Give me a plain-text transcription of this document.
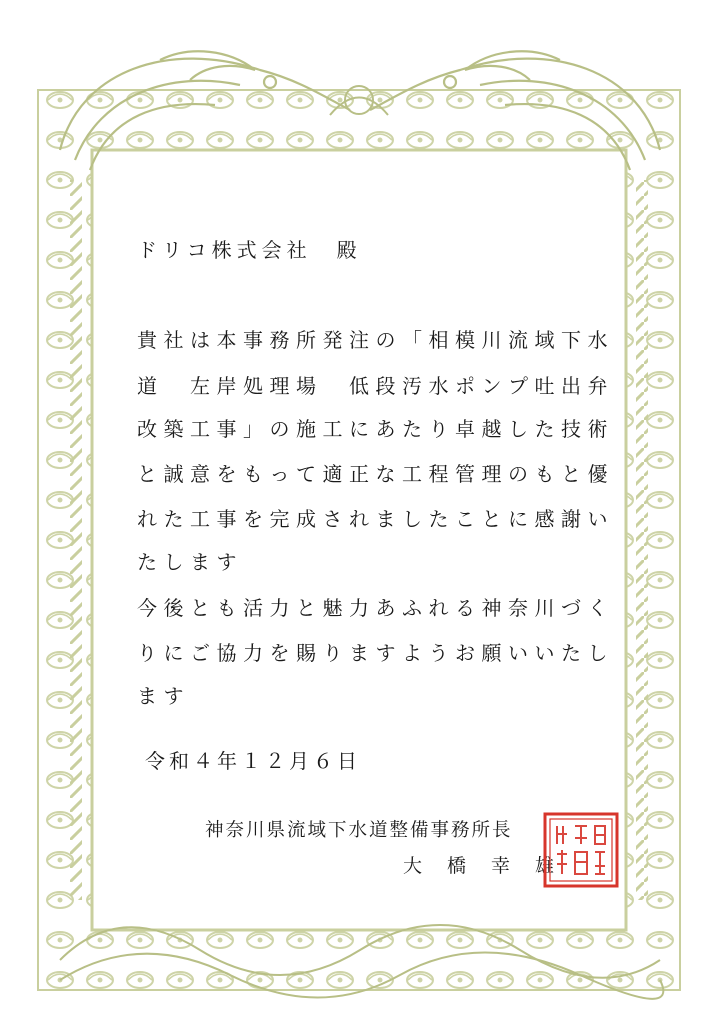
ドリコ株式会社　殿
貴社は本事務所発注の「相模川流域下水
道　左岸処理場　低段汚水ポンプ吐出弁
改築工事」の施工にあたり卓越した技術
と誠意をもって適正な工程管理のもと優
れた工事を完成されましたことに感謝い
たします
今後とも活力と魅力あふれる神奈川づく
りにご協力を賜りますようお願いいたし
ます
令和４年１２月６日
神奈川県流域下水道整備事務所長
大　橋　幸　雄
